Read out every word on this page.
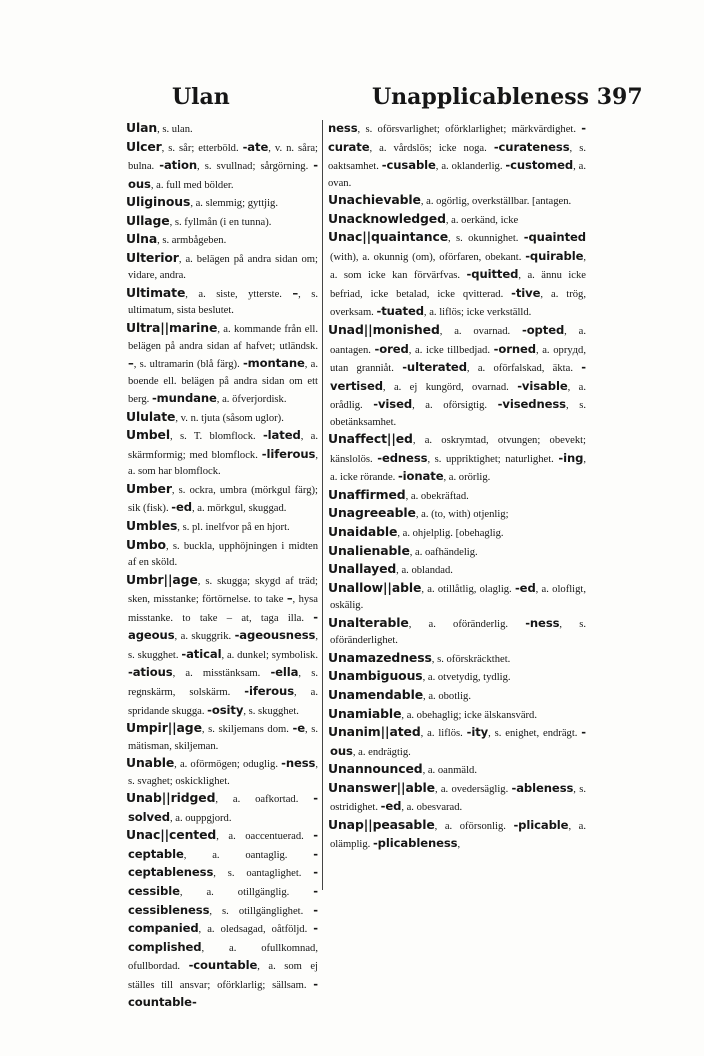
Ulan	Unapplicableness 397

Ulan, s. ulan.

Ulcer, s. sår; etterböld. -ate, v. n. såra; bulna. -ation, s. svullnad; sårgörning. -ous, a. full med bölder.

Uliginous, a. slemmig; gyttjig.

Ullage, s. fyllmån (i en tunna).

Ulna, s. armbågeben.

Ulterior, a. belägen på andra sidan om; vidare, andra.

Ultimate, a. siste, ytterste. –, s. ultimatum, sista beslutet.

Ultra||marine, a. kommande från ell. belägen på andra sidan af hafvet; utländsk. –, s. ultramarin (blå färg). -montane, a. boende ell. belägen på andra sidan om ett berg. -mundane, a. öfverjordisk.

Ululate, v. n. tjuta (såsom uglor).

Umbel, s. T. blomflock. -lated, a. skärmformig; med blomflock. -liferous, a. som har blomflock.

Umber, s. ockra, umbra (mörkgul färg); sik (fisk). -ed, a. mörkgul, skuggad.

Umbles, s. pl. inelfvor på en hjort.

Umbo, s. buckla, upphöjningen i midten af en sköld.

Umbr||age, s. skugga; skygd af träd; sken, misstanke; förtörnelse. to take –, hysa misstanke. to take – at, taga illa. -ageous, a. skuggrik. -ageousness, s. skugghet. -atical, a. dunkel; symbolisk. -atious, a. misstänksam. -ella, s. regnskärm, solskärm. -iferous, a. spridande skugga. -osity, s. skugghet.

Umpir||age, s. skiljemans dom. -e, s. mätisman, skiljeman.

Unable, a. oförmögen; oduglig. -ness, s. svaghet; oskicklighet.

Unab||ridged, a. oafkortad. -solved, a. ouppgjord.

Unac||cented, a. oaccentuerad. -ceptable, a. oantaglig. -ceptableness, s. oantaglighet. -cessible, a. otillgänglig. -cessibleness, s. otillgänglighet. -companied, a. oledsagad, oåtföljd. -complished, a. ofullkomnad, ofullbordad. -countable, a. som ej ställes till ansvar; oförklarlig; sällsam. -countable-

ness, s. oförsvarlighet; oförklarlighet; märkvärdighet. -curate, a. vårdslös; icke noga. -curateness, s. oaktsamhet. -cusable, a. oklanderlig. -customed, a. ovan.

Unachievable, a. ogörlig, overkställbar. [antagen.

Unacknowledged, a. oerkänd, icke

Unac||quaintance, s. okunnighet. -quainted (with), a. okunnig (om), oförfaren, obekant. -quirable, a. som icke kan förvärfvas. -quitted, a. ännu icke befriad, icke betalad, icke qvitterad. -tive, a. trög, overksam. -tuated, a. liflös; icke verkställd.

Unad||monished, a. ovarnad. -opted, a. oantagen. -ored, a. icke tillbedjad. -orned, a. opryдd, utan granniåt. -ulterated, a. oförfalskad, äkta. -vertised, a. ej kungörd, ovarnad. -visable, a. orådlig. -vised, a. oförsigtig. -visedness, s. obetänksamhet.

Unaffect||ed, a. oskrymtad, otvungen; obevekt; känslolös. -edness, s. uppriktighet; naturlighet. -ing, a. icke rörande. -ionate, a. orörlig.

Unaffirmed, a. obekräftad.

Unagreeable, a. (to, with) otjenlig;

Unaidable, a. ohjelplig. [obehaglig.

Unalienable, a. oafhändelig.

Unallayed, a. oblandad.

Unallow||able, a. otillåtlig, olaglig. -ed, a. olofligt, oskälig.

Unalterable, a. oföränderlig. -ness, s. oföränderlighet.

Unamazedness, s. oförskräckthet.

Unambiguous, a. otvetydig, tydlig.

Unamendable, a. obotlig.

Unamiable, a. obehaglig; icke älskansvärd.

Unanim||ated, a. liflös. -ity, s. enighet, endrägt. -ous, a. endrägtig.

Unannounced, a. oanmäld.

Unanswer||able, a. ovedersäglig. -ableness, s. ostridighet. -ed, a. obesvarad.

Unap||peasable, a. oförsonlig. -plicable, a. olämplig. -plicableness,
